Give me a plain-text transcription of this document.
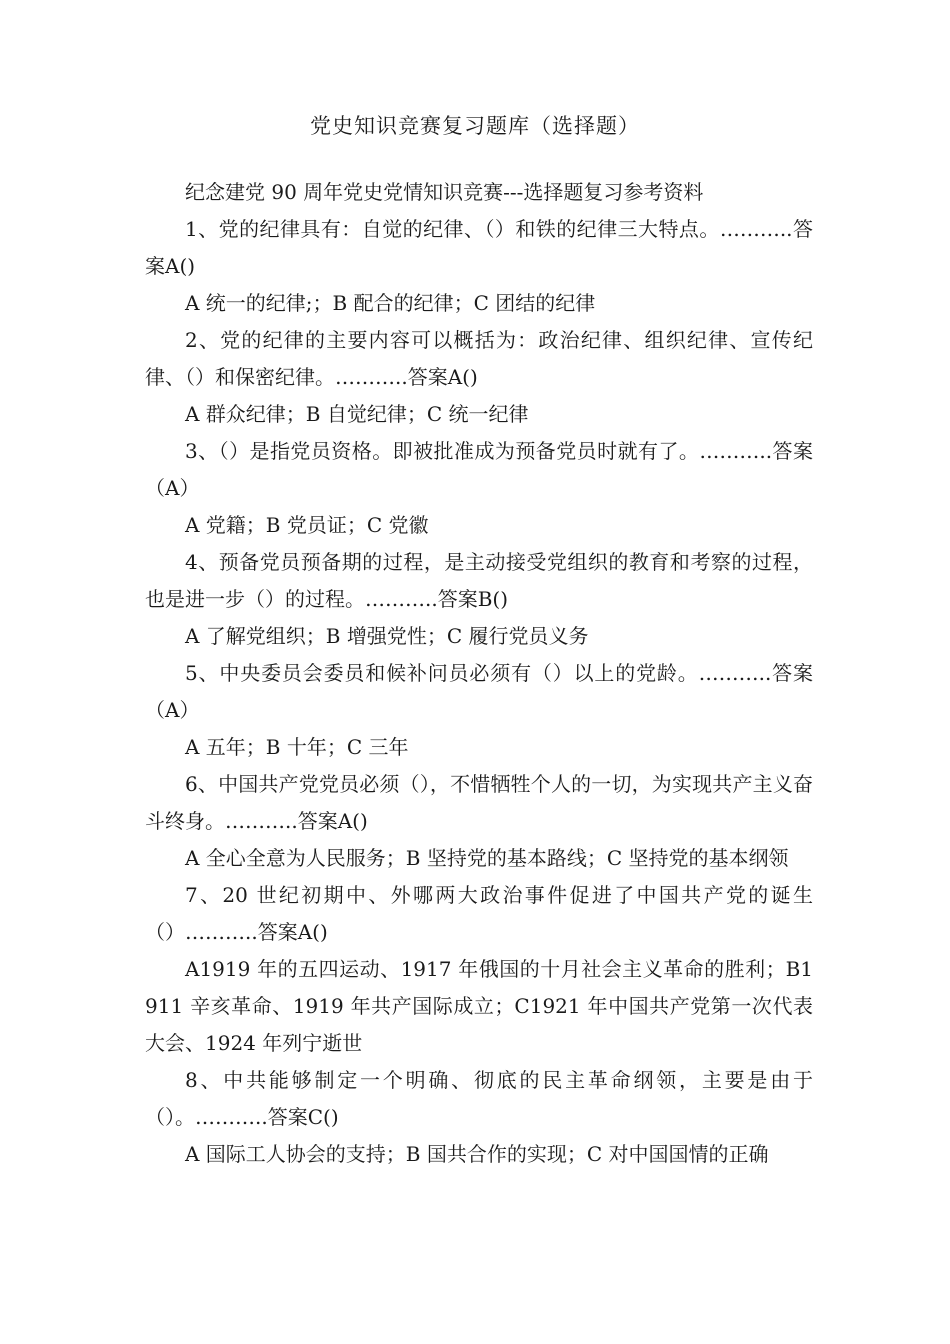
党史知识竞赛复习题库（选择题）

纪念建党 90 周年党史党情知识竞赛---选择题复习参考资料

1、党的纪律具有：自觉的纪律、（）和铁的纪律三大特点。………..答案A()

A 统一的纪律;；B 配合的纪律；C 团结的纪律

2、党的纪律的主要内容可以概括为：政治纪律、组织纪律、宣传纪律、（）和保密纪律。………..答案A()

A 群众纪律；B 自觉纪律；C 统一纪律

3、（）是指党员资格。即被批准成为预备党员时就有了。………..答案（A）

A 党籍；B 党员证；C 党徽

4、预备党员预备期的过程，是主动接受党组织的教育和考察的过程，也是进一步（）的过程。………..答案B()

A 了解党组织；B 增强党性；C 履行党员义务

5、中央委员会委员和候补问员必须有（）以上的党龄。………..答案（A）

A 五年；B 十年；C 三年

6、中国共产党党员必须（），不惜牺牲个人的一切，为实现共产主义奋斗终身。………..答案A()

A 全心全意为人民服务；B 坚持党的基本路线；C 坚持党的基本纲领

7、20 世纪初期中、外哪两大政治事件促进了中国共产党的诞生（）………..答案A()

A1919 年的五四运动、1917 年俄国的十月社会主义革命的胜利；B1911 辛亥革命、1919 年共产国际成立；C1921 年中国共产党第一次代表大会、1924 年列宁逝世

8、中共能够制定一个明确、彻底的民主革命纲领，主要是由于（）。………..答案C()

A 国际工人协会的支持；B 国共合作的实现；C 对中国国情的正确
